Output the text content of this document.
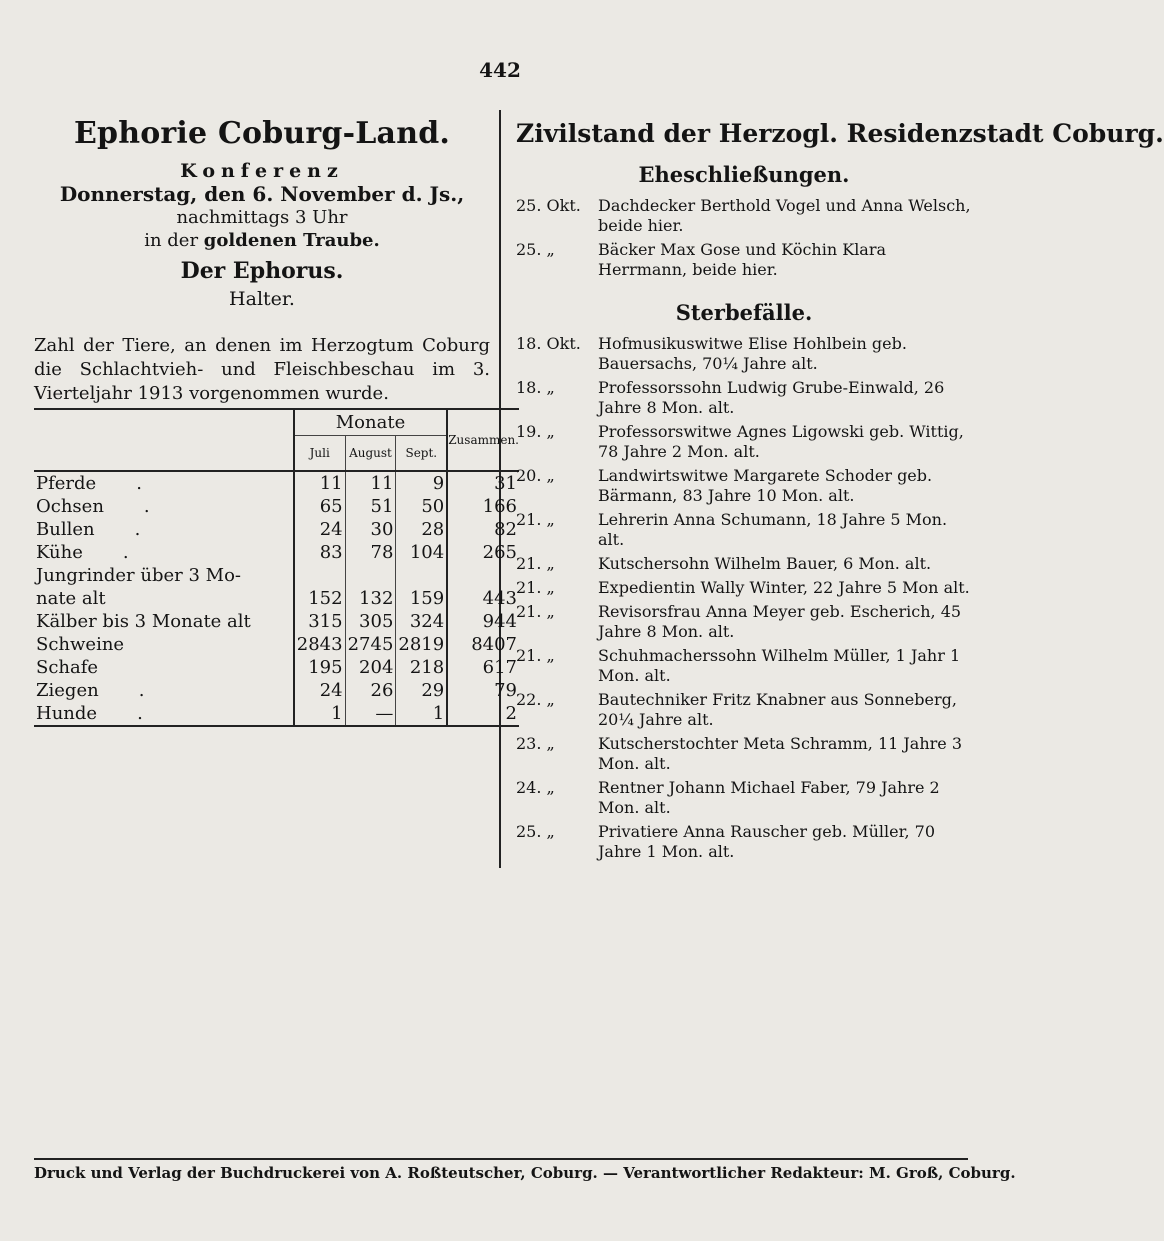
442
Ephorie Coburg-Land.
Konferenz
Donnerstag, den 6. November d. Js.,
nachmittags 3 Uhr
in der goldenen Traube.
Der Ephorus.
Halter.
Zahl der Tiere, an denen im Herzogtum Coburg die Schlachtvieh- und Fleischbeschau im 3. Vierteljahr 1913 vorgenommen wurde.
	Monate			Zusammen.
	Juli	August	Sept.	
Pferde .	11	11	9	31
Ochsen .	65	51	50	166
Bullen .	24	30	28	82
Kühe .	83	78	104	265
Jungrinder über 3 Mo-				
nate alt	152	132	159	443
Kälber bis 3 Monate alt	315	305	324	944
Schweine	2843	2745	2819	8407
Schafe	195	204	218	617
Ziegen .	24	26	29	79
Hunde .	1	—	1	2
Zivilstand der Herzogl. Residenzstadt Coburg.
Eheschließungen.
25. Okt.	Dachdecker Berthold Vogel und Anna Welsch, beide hier.
25. „	Bäcker Max Gose und Köchin Klara Herrmann, beide hier.
Sterbefälle.
18. Okt.	Hofmusikuswitwe Elise Hohlbein geb. Bauersachs, 70¼ Jahre alt.
18. „	Professorssohn Ludwig Grube-Einwald, 26 Jahre 8 Mon. alt.
19. „	Professorswitwe Agnes Ligowski geb. Wittig, 78 Jahre 2 Mon. alt.
20. „	Landwirtswitwe Margarete Schoder geb. Bärmann, 83 Jahre 10 Mon. alt.
21. „	Lehrerin Anna Schumann, 18 Jahre 5 Mon. alt.
21. „	Kutschersohn Wilhelm Bauer, 6 Mon. alt.
21. „	Expedientin Wally Winter, 22 Jahre 5 Mon alt.
21. „	Revisorsfrau Anna Meyer geb. Escherich, 45 Jahre 8 Mon. alt.
21. „	Schuhmacherssohn Wilhelm Müller, 1 Jahr 1 Mon. alt.
22. „	Bautechniker Fritz Knabner aus Sonneberg, 20¼ Jahre alt.
23. „	Kutscherstochter Meta Schramm, 11 Jahre 3 Mon. alt.
24. „	Rentner Johann Michael Faber, 79 Jahre 2 Mon. alt.
25. „	Privatiere Anna Rauscher geb. Müller, 70 Jahre 1 Mon. alt.
Druck und Verlag der Buchdruckerei von A. Roßteutscher, Coburg. — Verantwortlicher Redakteur: M. Groß, Coburg.
